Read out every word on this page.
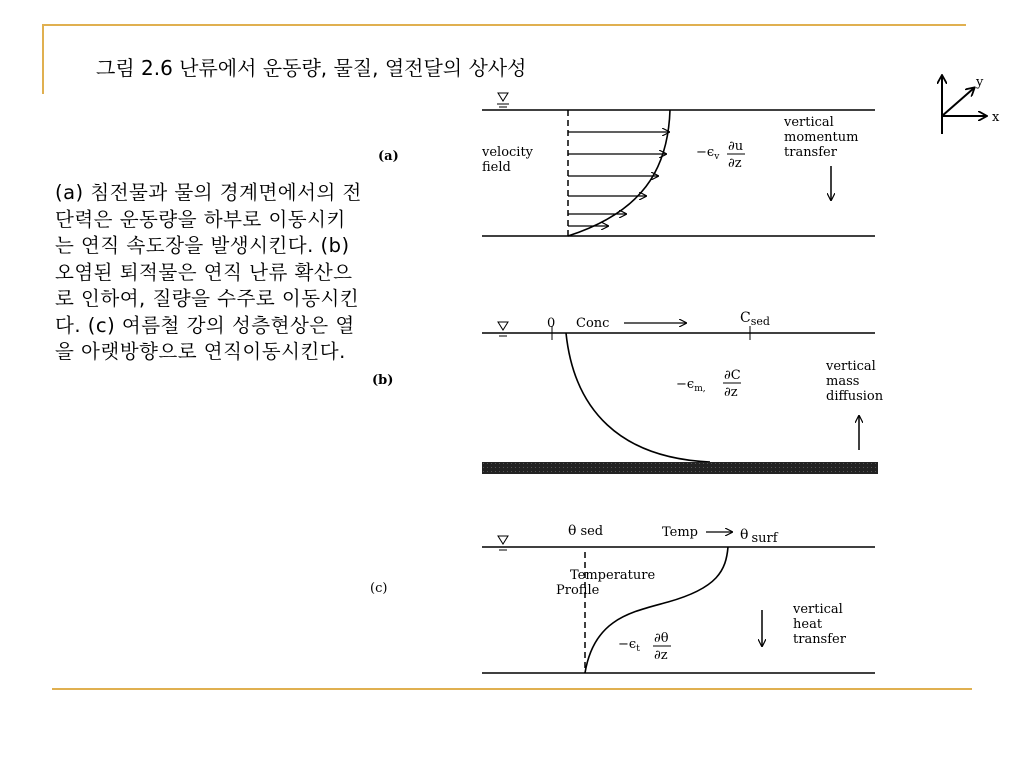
그림 2.6 난류에서 운동량, 물질, 열전달의 상사성
(a) 침전물과 물의 경계면에서의 전단력은 운동량을 하부로 이동시키는 연직 속도장을 발생시킨다. (b) 오염된 퇴적물은 연직 난류 확산으로 인하여, 질량을 수주로 이동시킨다. (c) 여름철 강의 성층현상은 열을 아랫방향으로 연직이동시킨다.
(a)	velocity
field
$-\epsilon_v$
∂u
∂z
vertical
momentum
transfer
(b)
0 Conc	$C_{sed}$
$-\epsilon_{m,}$
∂C
∂z
vertical
mass
diffusion
(c)
θ sed	Temp	θ surf
Temperature
Profile
$-\epsilon_t$
∂θ
∂z
vertical
heat
transfer
y
x
